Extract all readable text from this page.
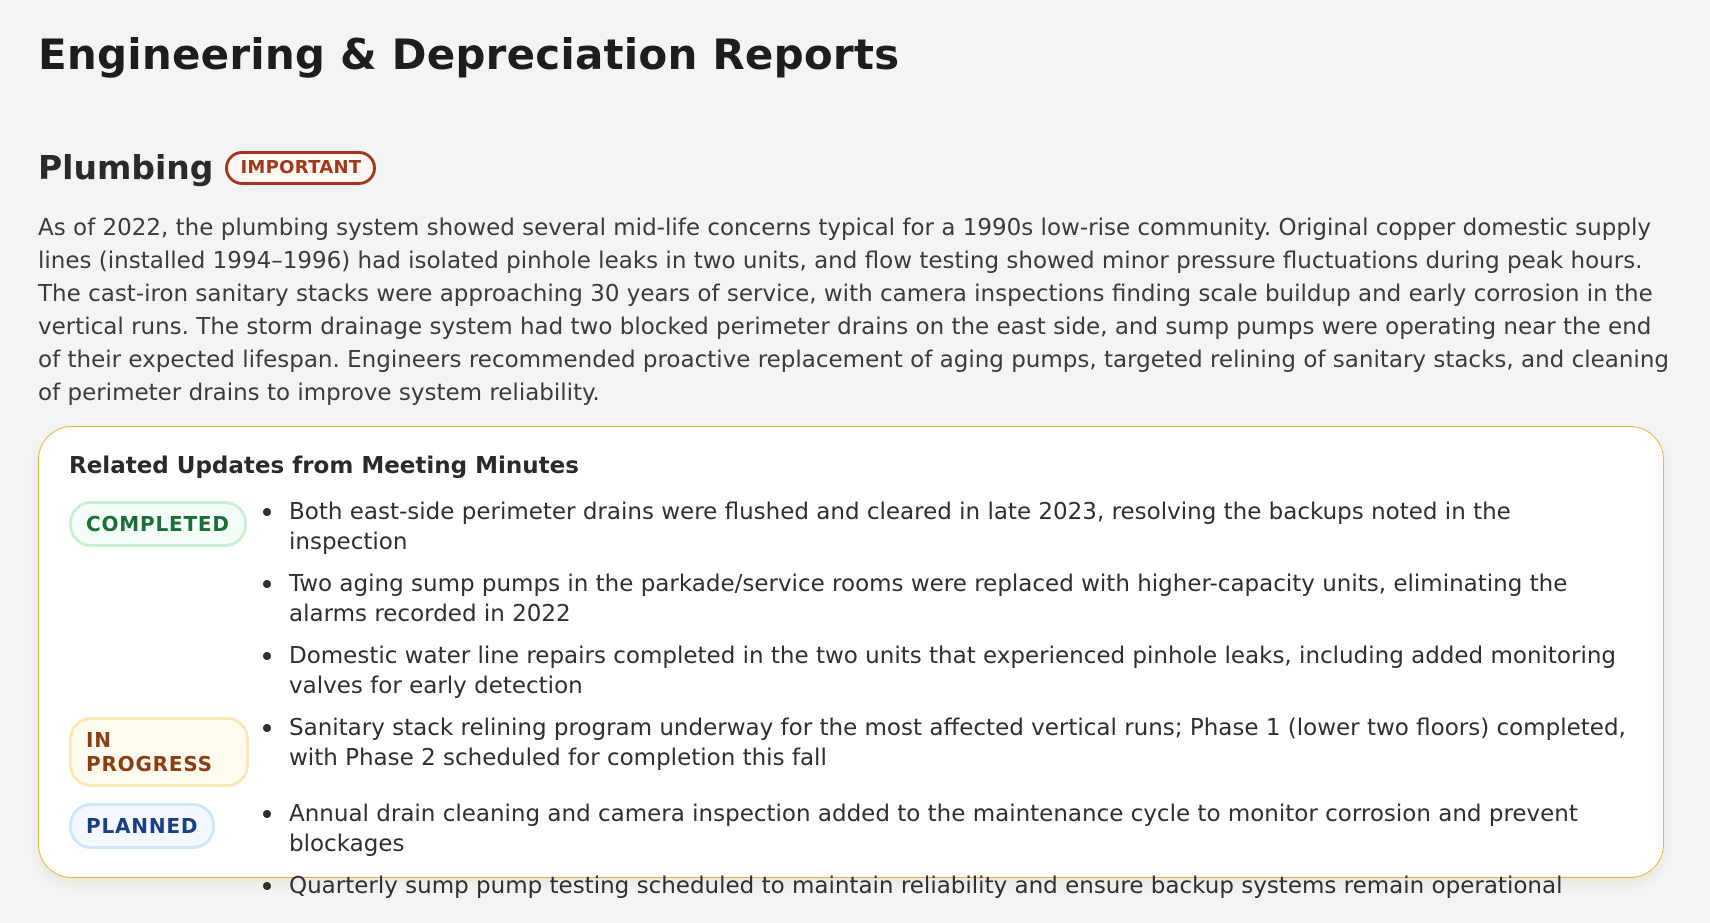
Engineering & Depreciation Reports
Plumbing	IMPORTANT

As of 2022, the plumbing system showed several mid-life concerns typical for a 1990s low-rise community. Original copper domestic supply lines (installed 1994–1996) had isolated pinhole leaks in two units, and flow testing showed minor pressure fluctuations during peak hours. The cast-iron sanitary stacks were approaching 30 years of service, with camera inspections finding scale buildup and early corrosion in the vertical runs. The storm drainage system had two blocked perimeter drains on the east side, and sump pumps were operating near the end of their expected lifespan. Engineers recommended proactive replacement of aging pumps, targeted relining of sanitary stacks, and cleaning of perimeter drains to improve system reliability.

Related Updates from Meeting Minutes
COMPLETED	Both east-side perimeter drains were flushed and cleared in late 2023, resolving the backups noted in the inspection
Two aging sump pumps in the parkade/service rooms were replaced with higher-capacity units, eliminating the alarms recorded in 2022
Domestic water line repairs completed in the two units that experienced pinhole leaks, including added monitoring valves for early detection
IN PROGRESS
Sanitary stack relining program underway for the most affected vertical runs; Phase 1 (lower two floors) completed, with Phase 2 scheduled for completion this fall
PLANNED	Annual drain cleaning and camera inspection added to the maintenance cycle to monitor corrosion and prevent blockages
Quarterly sump pump testing scheduled to maintain reliability and ensure backup systems remain operational
